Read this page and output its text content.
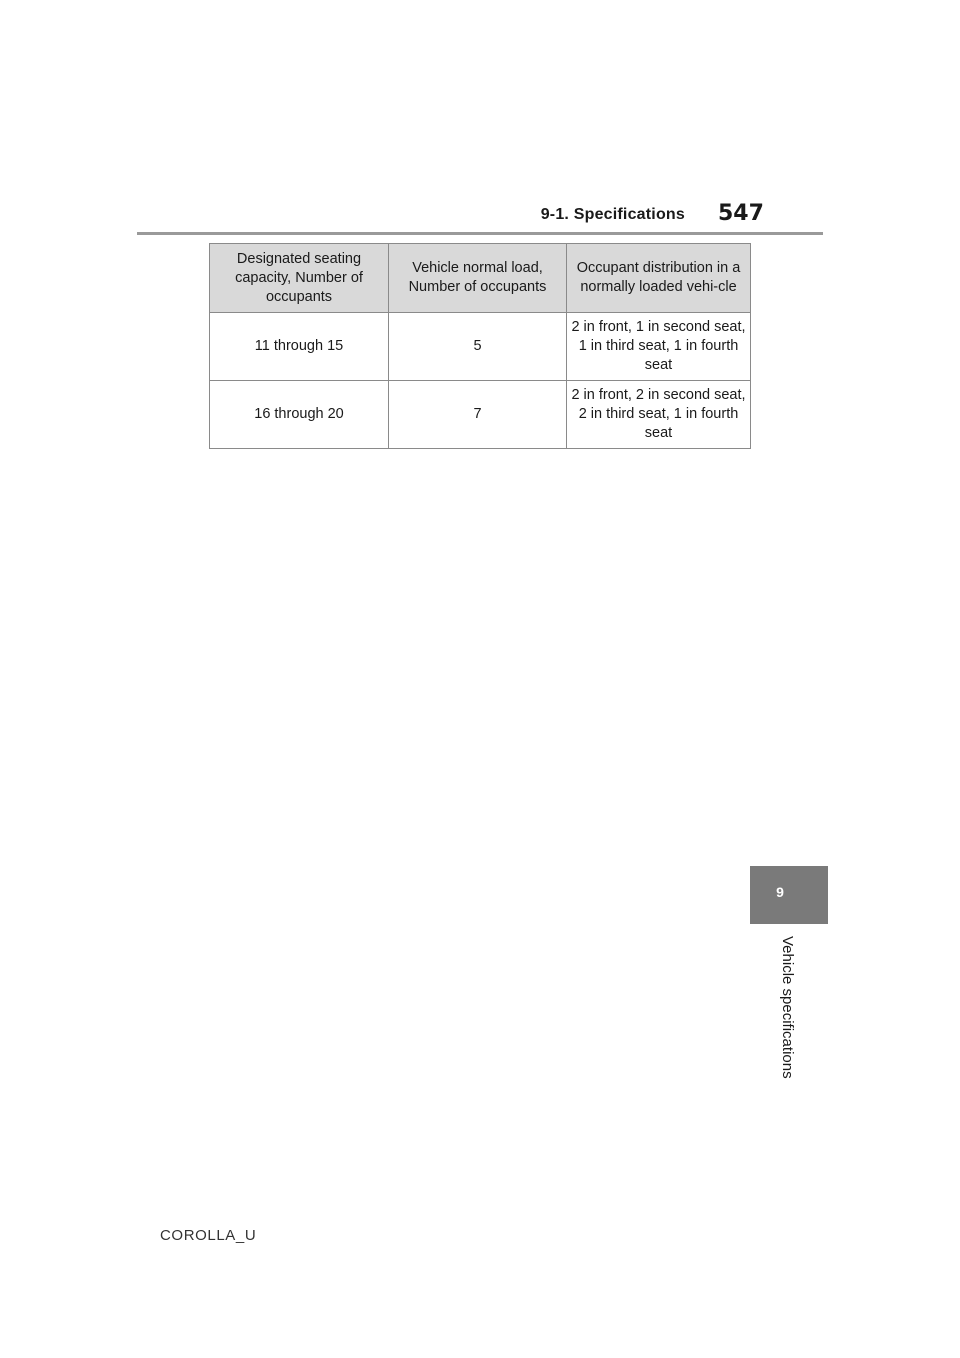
9-1. Specifications 547
Designated seating capacity, Number of occupants	Vehicle normal load, Number of occupants	Occupant distribution in a normally loaded vehi-cle
11 through 15	5	2 in front, 1 in second seat, 1 in third seat, 1 in fourth seat
16 through 20	7	2 in front, 2 in second seat, 2 in third seat, 1 in fourth seat
9
Vehicle specifications
COROLLA_U
